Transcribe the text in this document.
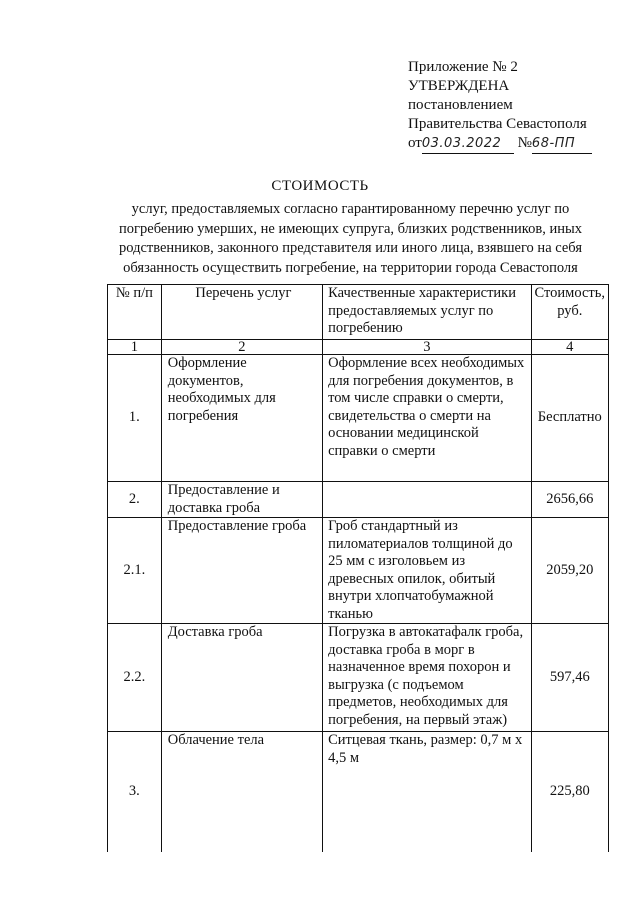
Приложение № 2
УТВЕРЖДЕНА
постановлением
Правительства Севастополя
от03.03.2022 №68-ПП
СТОИМОСТЬ
услуг, предоставляемых согласно гарантированному перечню услуг по погребению умерших, не имеющих супруга, близких родственников, иных родственников, законного представителя или иного лица, взявшего на себя обязанность осуществить погребение, на территории города Севастополя
№ п/п	Перечень услуг	Качественные характеристики предоставляемых услуг по погребению	Стоимость, руб.
1	2	3	4
1.	Оформление документов, необходимых для погребения	Оформление всех необходимых для погребения документов, в том числе справки о смерти, свидетельства о смерти на основании медицинской справки о смерти	Бесплатно
2.	Предоставление и доставка гроба		2656,66
2.1.	Предоставление гроба	Гроб стандартный из пиломатериалов толщиной до 25 мм с изголовьем из древесных опилок, обитый внутри хлопчатобумажной тканью	2059,20
2.2.	Доставка гроба	Погрузка в автокатафалк гроба, доставка гроба в морг в назначенное время похорон и выгрузка (с подъемом предметов, необходимых для погребения, на первый этаж)	597,46
3.	Облачение тела	Ситцевая ткань, размер: 0,7 м х 4,5 м	225,80
